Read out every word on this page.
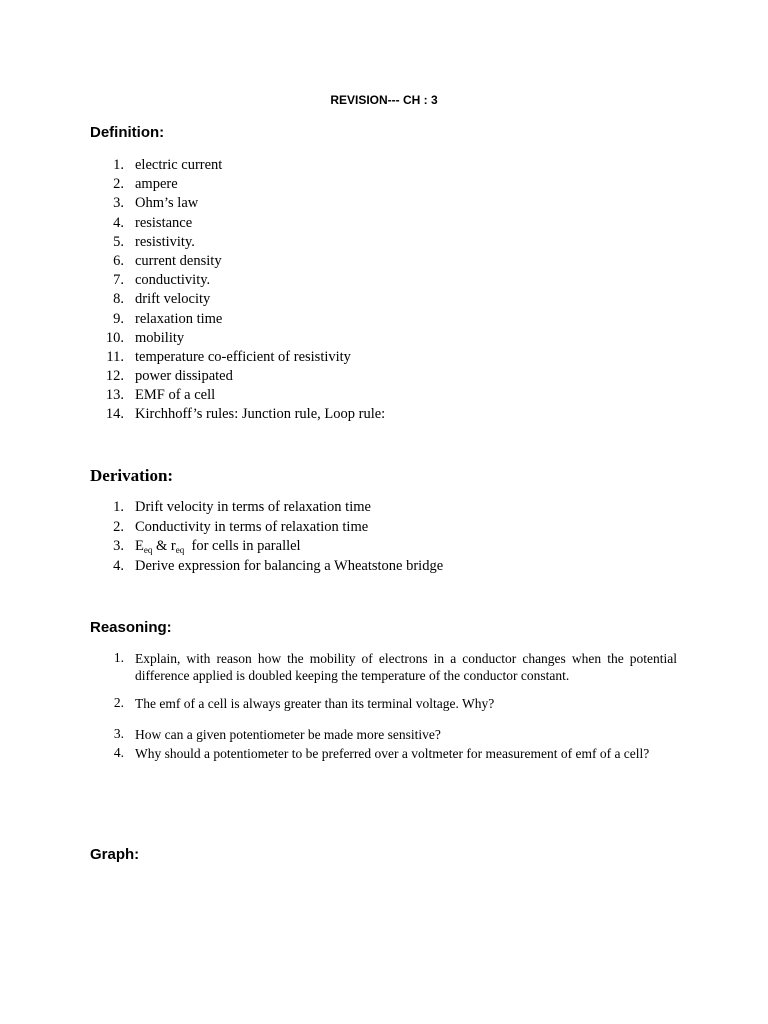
REVISION--- CH : 3
Definition:
1. electric current
2. ampere
3. Ohm’s law
4. resistance
5. resistivity.
6. current density
7. conductivity.
8. drift velocity
9. relaxation time
10. mobility
11. temperature co-efficient of resistivity
12. power dissipated
13. EMF of a cell
14. Kirchhoff’s rules: Junction rule, Loop rule:
Derivation:
1. Drift velocity in terms of relaxation time
2. Conductivity in terms of relaxation time
3. $E_{eq}$ & $r_{eq}$  for cells in parallel
4. Derive expression for balancing a Wheatstone bridge
Reasoning:
1. Explain, with reason how the mobility of electrons in a conductor changes when the potential difference applied is doubled keeping the temperature of the conductor constant.
2. The emf of a cell is always greater than its terminal voltage. Why?
3. How can a given potentiometer be made more sensitive?
4. Why should a potentiometer to be preferred over a voltmeter for measurement of emf of a cell?
Graph:
